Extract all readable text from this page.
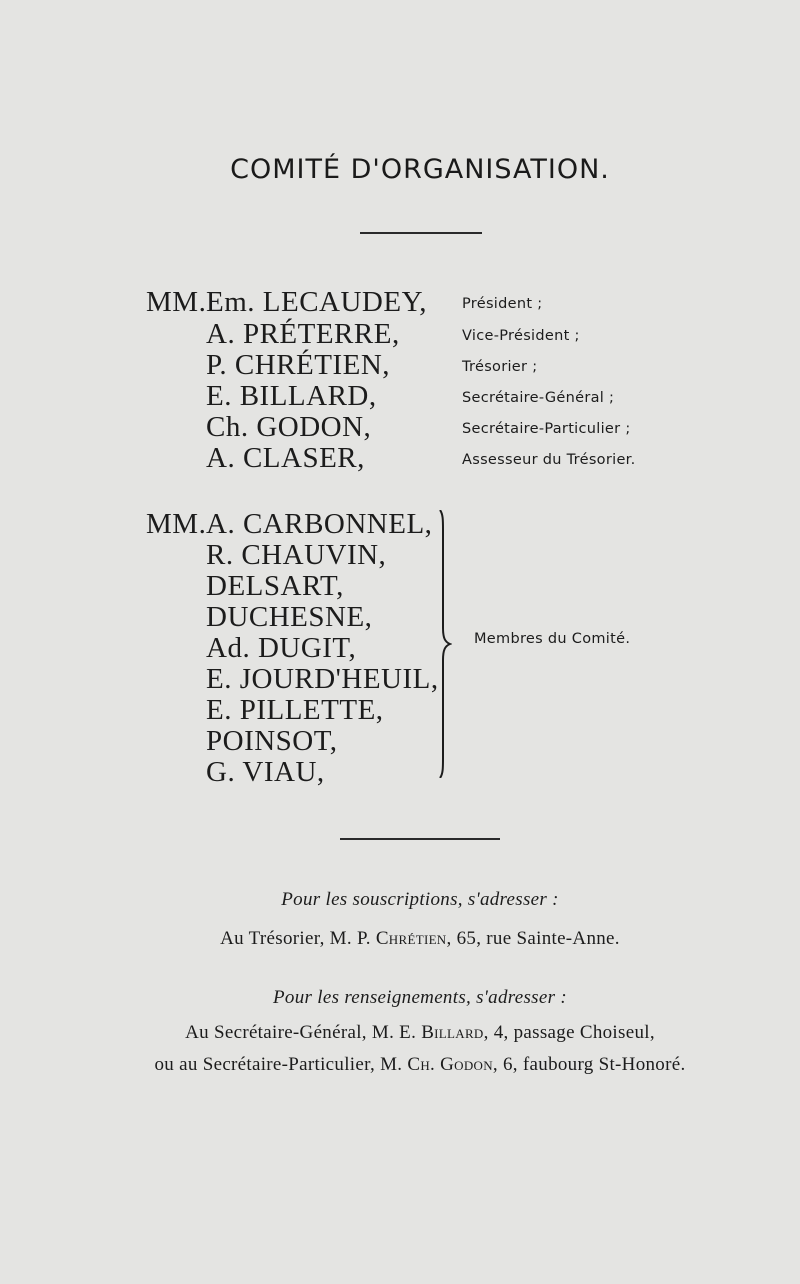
COMITÉ D'ORGANISATION.
MM. Em. LECAUDEY, Président ;
A. PRÉTERRE,	Vice-Président ;
P. CHRÉTIEN,	Trésorier ;
E. BILLARD,	Secrétaire-Général ;
Ch. GODON,	Secrétaire-Particulier ;
A. CLASER,	Assesseur du Trésorier.
MM. A. CARBONNEL,
R. CHAUVIN,
DELSART,
DUCHESNE,
Ad. DUGIT,
E. JOURD'HEUIL,
E. PILLETTE,
POINSOT,
G. VIAU,
Membres du Comité.
Pour les souscriptions, s'adresser :
Au Trésorier, M. P. Chrétien, 65, rue Sainte-Anne.
Pour les renseignements, s'adresser :
Au Secrétaire-Général, M. E. Billard, 4, passage Choiseul,
ou au Secrétaire-Particulier, M. Ch. Godon, 6, faubourg St-Honoré.
